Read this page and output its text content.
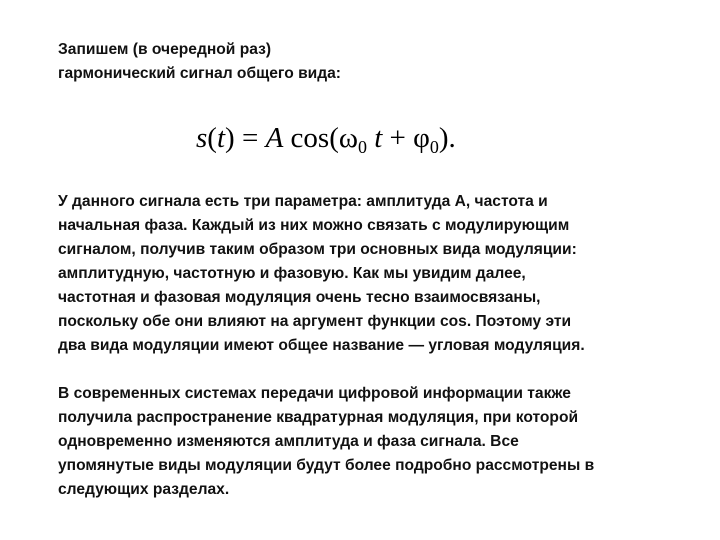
Запишем (в очередной раз)
гармонический сигнал общего вида:

s(t) = A $\cos(\omega_0$ $t + \varphi_0$).

У данного сигнала есть три параметра: амплитуда А, частота и
начальная фаза. Каждый из них можно связать с модулирующим
сигналом, получив таким образом три основных вида модуляции:
амплитудную, частотную и фазовую. Как мы увидим далее,
частотная и фазовая модуляция очень тесно взаимосвязаны,
поскольку обе они влияют на аргумент функции cos. Поэтому эти
два вида модуляции имеют общее название — угловая модуляция.

В современных системах передачи цифровой информации также
получила распространение квадратурная модуляция, при которой
одновременно изменяются амплитуда и фаза сигнала. Все
упомянутые виды модуляции будут более подробно рассмотрены в
следующих разделах.
